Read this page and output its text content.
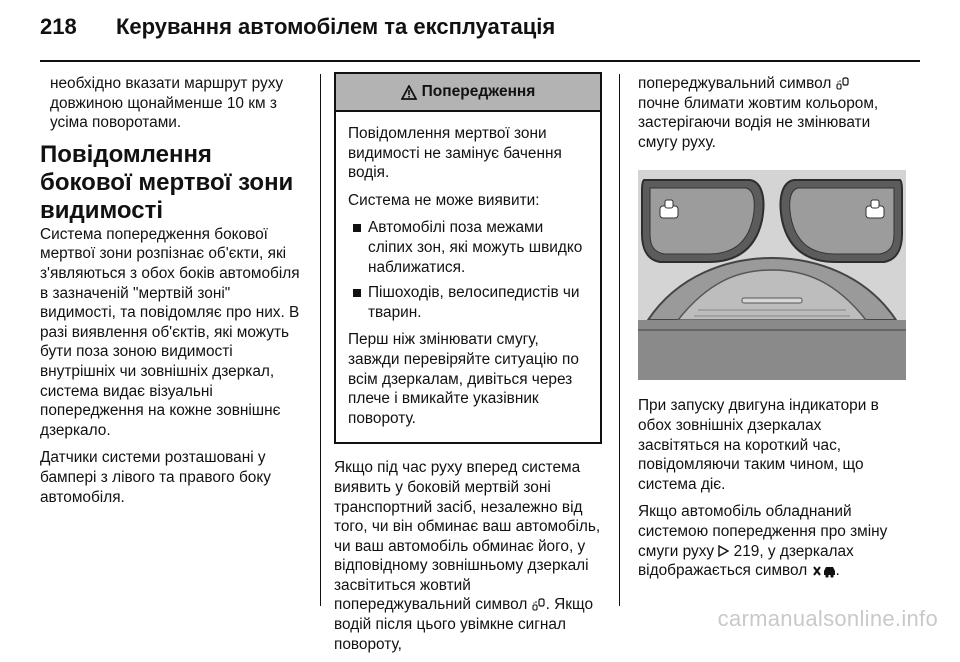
218 Керування автомобілем та експлуатація

необхідно вказати маршрут руху довжиною щонайменше 10 км з усіма поворотами.

Повідомлення бокової мертвої зони видимості

Система попередження бокової мертвої зони розпізнає об'єкти, які з'являються з обох боків автомобіля в зазначеній "мертвій зоні" видимості, та повідомляє про них. В разі виявлення об'єктів, які можуть бути поза зоною видимості внутрішніх чи зовнішніх дзеркал, система видає візуальні попередження на кожне зовнішнє дзеркало.

Датчики системи розташовані у бампері з лівого та правого боку автомобіля.

Попередження

Повідомлення мертвої зони видимості не замінує бачення водія.

Система не може виявити:

Автомобілі поза межами сліпих зон, які можуть швидко наближатися.
Пішоходів, велосипедистів чи тварин.

Перш ніж змінювати смугу, завжди перевіряйте ситуацію по всім дзеркалам, дивіться через плече і вмикайте указівник повороту.

Якщо під час руху вперед система виявить у боковій мертвій зоні транспортний засіб, незалежно від того, чи він обминає ваш автомобіль, чи ваш автомобіль обминає його, у відповідному зовнішньому дзеркалі засвітиться жовтий попереджувальний символ . Якщо водій після цього увімкне сигнал повороту,

попереджувальний символ
почне блимати жовтим кольором, застерігаючи водія не змінювати смугу руху.

При запуску двигуна індикатори в обох зовнішніх дзеркалах засвітяться на короткий час, повідомляючи таким чином, що система діє.

Якщо автомобіль обладнаний системою попередження про зміну смуги руху 219, у дзеркалах відображається символ .

carmanualsonline.info
